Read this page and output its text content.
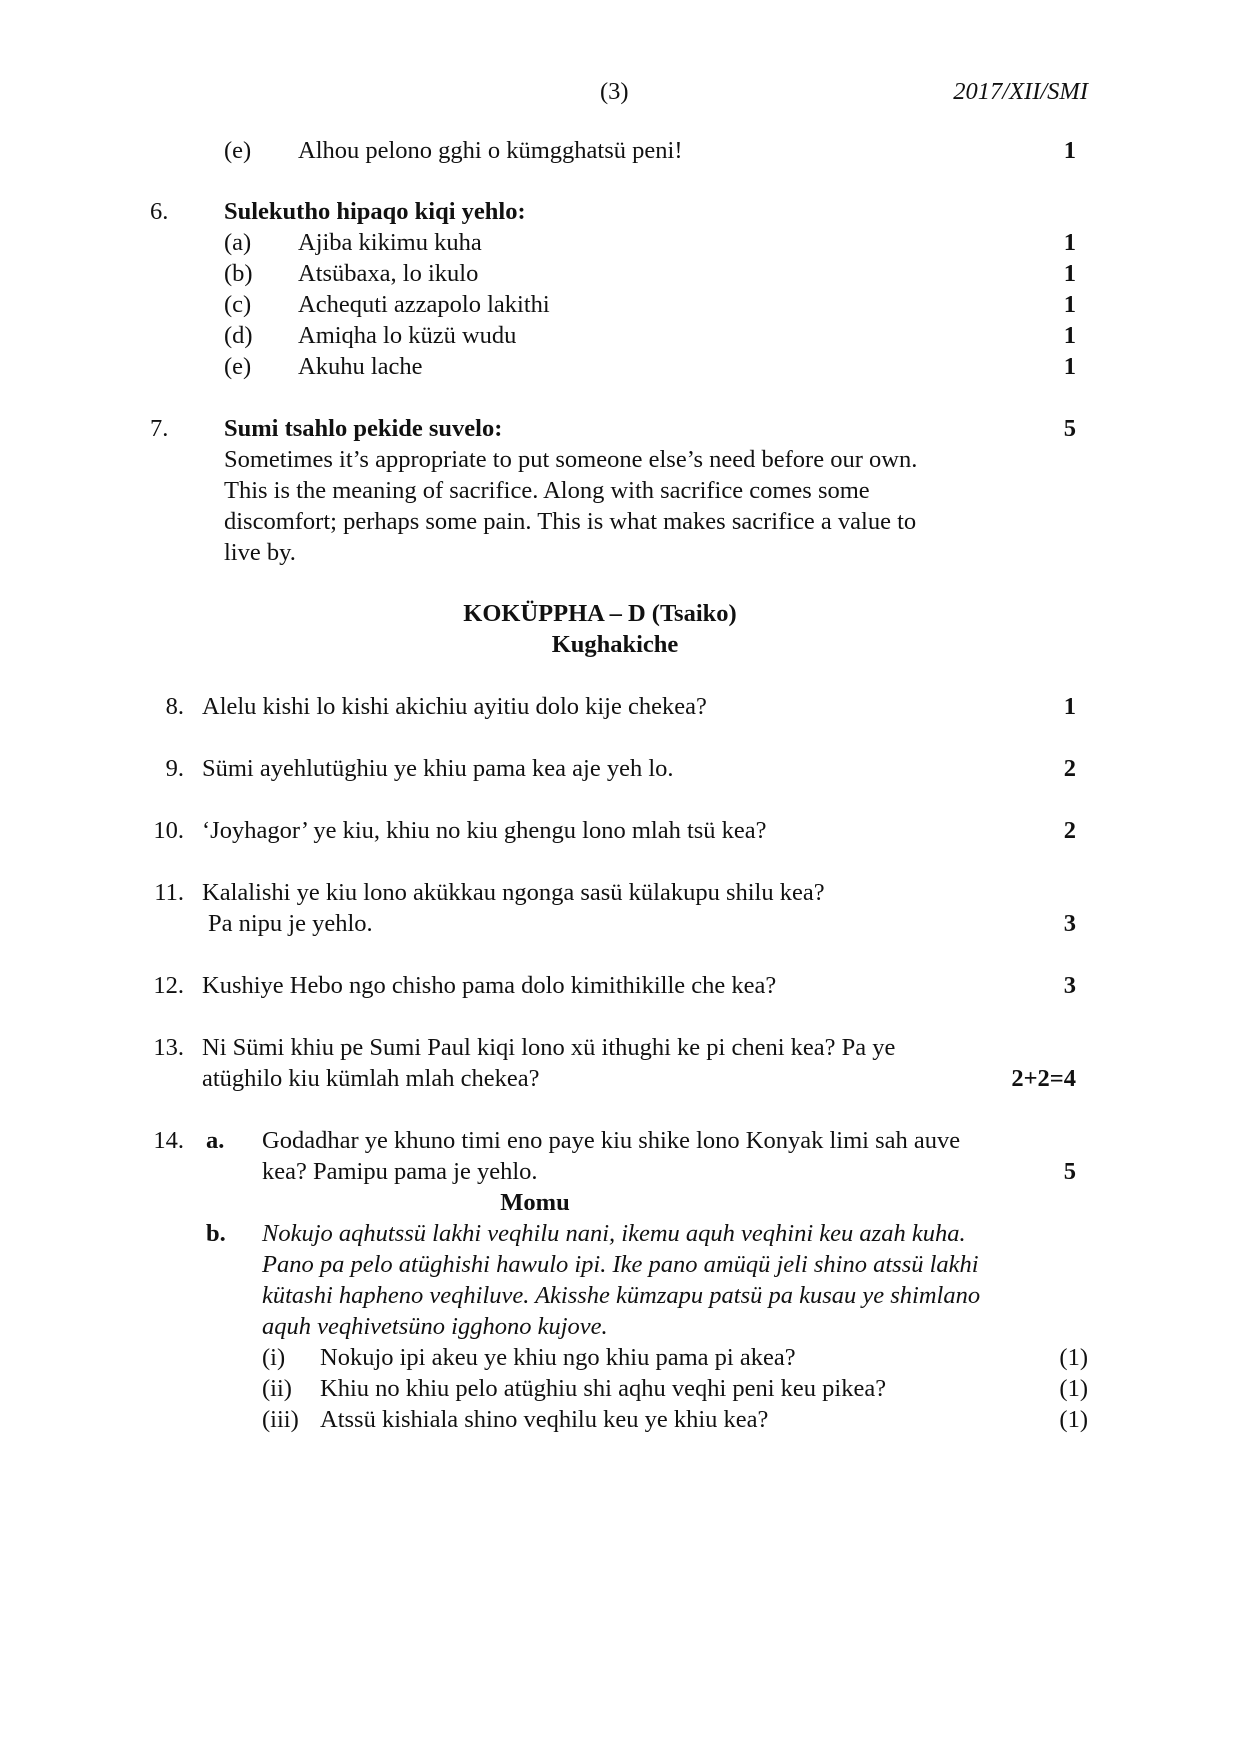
(3)	2017/XII/SMI
(e) Alhou pelono gghi o kümgghatsü peni!	1
6. Sulekutho hipaqo kiqi yehlo:
(a) Ajiba kikimu kuha	1
(b) Atsübaxa, lo ikulo	1
(c) Achequti azzapolo lakithi	1
(d) Amiqha lo küzü wudu	1
(e) Akuhu lache	1
7. Sumi tsahlo pekide suvelo:	5
Sometimes it’s appropriate to put someone else’s need before our own.
This is the meaning of sacrifice. Along with sacrifice comes some
discomfort; perhaps some pain. This is what makes sacrifice a value to
live by.
KOKÜPPHA – D (Tsaiko)
Kughakiche
8. Alelu kishi lo kishi akichiu ayitiu dolo kije chekea?	1
9. Sümi ayehlutüghiu ye khiu pama kea aje yeh lo.	2
10. ‘Joyhagor’ ye kiu, khiu no kiu ghengu lono mlah tsü kea?	2
11. Kalalishi ye kiu lono akükkau ngonga sasü külakupu shilu kea?
Pa nipu je yehlo.	3
12. Kushiye Hebo ngo chisho pama dolo kimithikille che kea?	3
13. Ni Sümi khiu pe Sumi Paul kiqi lono xü ithughi ke pi cheni kea? Pa ye
atüghilo kiu kümlah mlah chekea?	2+2=4
14. a. Godadhar ye khuno timi eno paye kiu shike lono Konyak limi sah auve
kea? Pamipu pama je yehlo.	5
Momu
b. Nokujo aqhutssü lakhi veqhilu nani, ikemu aquh veqhini keu azah kuha.
Pano pa pelo atüghishi hawulo ipi. Ike pano amüqü jeli shino atssü lakhi
kütashi hapheno veqhiluve. Akisshe kümzapu patsü pa kusau ye shimlano
aquh veqhivetsüno igghono kujove.
(i) Nokujo ipi akeu ye khiu ngo khiu pama pi akea?	(1)
(ii) Khiu no khiu pelo atüghiu shi aqhu veqhi peni keu pikea?	(1)
(iii) Atssü kishiala shino veqhilu keu ye khiu kea?	(1)
